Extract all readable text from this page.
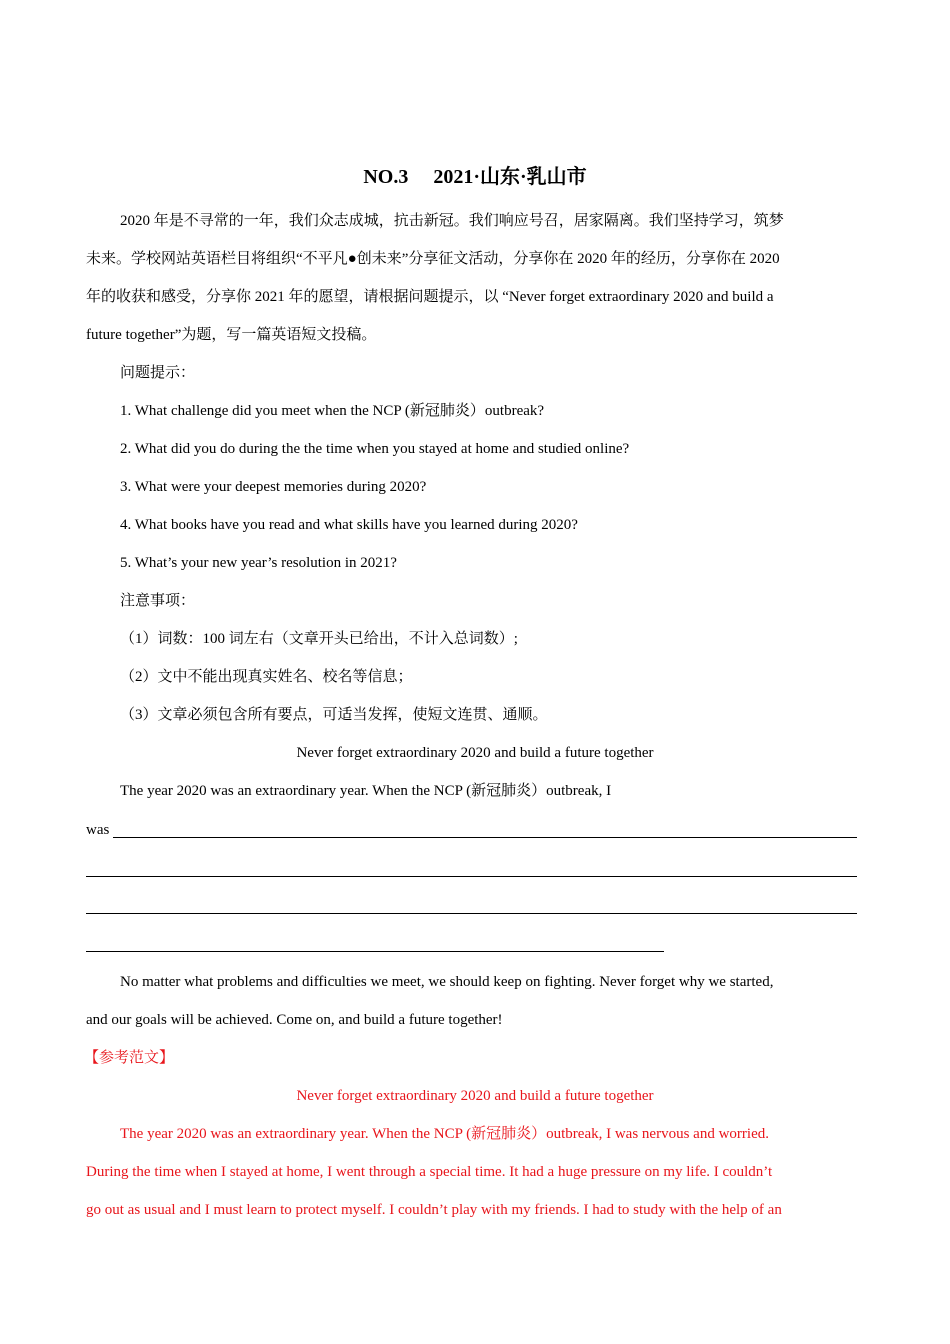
NO.3　 2021·山东·乳山市
2020 年是不寻常的一年，我们众志成城，抗击新冠。我们响应号召，居家隔离。我们坚持学习，筑梦
未来。学校网站英语栏目将组织“不平凡●创未来”分享征文活动，分享你在 2020 年的经历，分享你在 2020
年的收获和感受，分享你 2021 年的愿望，请根据问题提示，以 “Never forget extraordinary 2020 and build a
future together”为题，写一篇英语短文投稿。
问题提示：
1. What challenge did you meet when the NCP (新冠肺炎）outbreak?
2. What did you do during the the time when you stayed at home and studied online?
3. What were your deepest memories during 2020?
4. What books have you read and what skills have you learned during 2020?
5. What’s your new year’s resolution in 2021?
注意事项：
（1）词数：100 词左右（文章开头已给出，不计入总词数）;
（2）文中不能出现真实姓名、校名等信息；
（3）文章必须包含所有要点，可适当发挥，使短文连贯、通顺。
Never forget extraordinary 2020 and build a future together
The year 2020 was an extraordinary year. When the NCP (新冠肺炎）outbreak, I
was
No matter what problems and difficulties we meet, we should keep on fighting. Never forget why we started,
and our goals will be achieved. Come on, and build a future together!
【参考范文】
Never forget extraordinary 2020 and build a future together
The year 2020 was an extraordinary year. When the NCP (新冠肺炎）outbreak, I was nervous and worried.
During the time when I stayed at home, I went through a special time. It had a huge pressure on my life. I couldn’t
go out as usual and I must learn to protect myself. I couldn’t play with my friends. I had to study with the help of an
